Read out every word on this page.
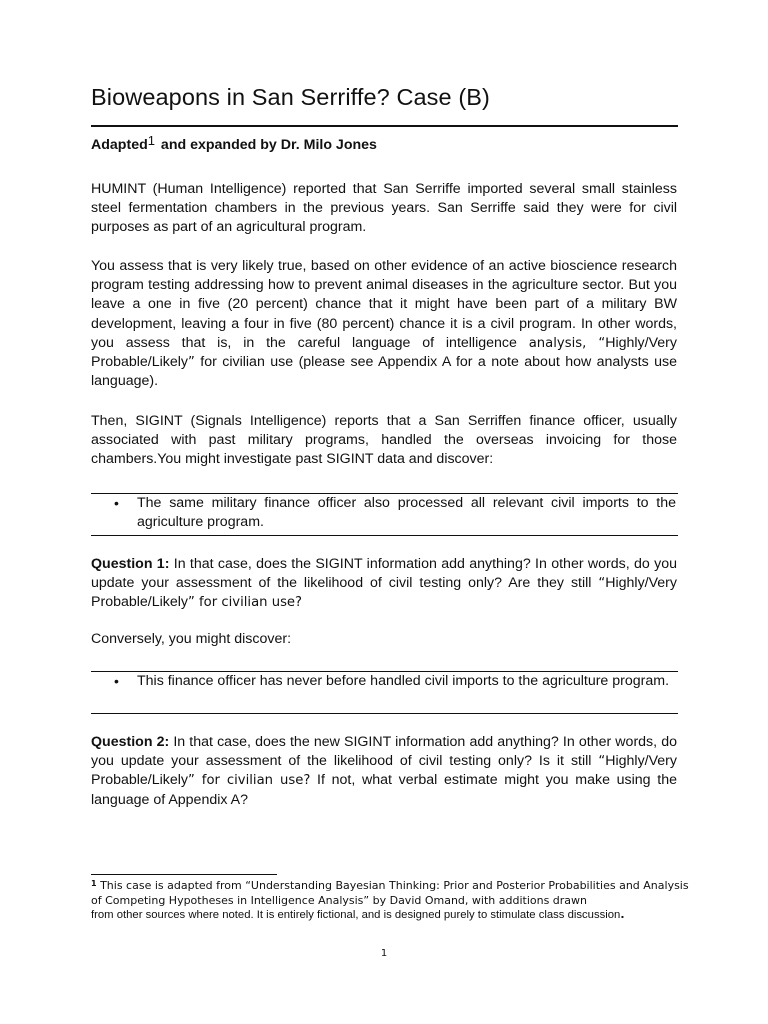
Bioweapons in San Serriffe? Case (B)
Adapted$^1$ and expanded by Dr. Milo Jones

HUMINT (Human Intelligence) reported that San Serriffe imported several small stainless steel fermentation chambers in the previous years. San Serriffe said they were for civil purposes as part of an agricultural program.

You assess that is very likely true, based on other evidence of an active bioscience research program testing addressing how to prevent animal diseases in the agriculture sector. But you leave a one in five (20 percent) chance that it might have been part of a military BW development, leaving a four in five (80 percent) chance it is a civil program. In other words, you assess that is, in the careful language of intelligence analysis, “Highly/Very Probable/Likely” for civilian use (please see Appendix A for a note about how analysts use language).

Then, SIGINT (Signals Intelligence) reports that a San Serriffen finance officer, usually associated with past military programs, handled the overseas invoicing for those chambers.You might investigate past SIGINT data and discover:

• The same military finance officer also processed all relevant civil imports to the agriculture program.

Question 1: In that case, does the SIGINT information add anything? In other words, do you update your assessment of the likelihood of civil testing only? Are they still “Highly/Very Probable/Likely” for civilian use?

Conversely, you might discover:

• This finance officer has never before handled civil imports to the agriculture program.

Question 2: In that case, does the new SIGINT information add anything? In other words, do you update your assessment of the likelihood of civil testing only? Is it still “Highly/Very Probable/Likely” for civilian use? If not, what verbal estimate might you make using the language of Appendix A?

$^1$ This case is adapted from “Understanding Bayesian Thinking: Prior and Posterior Probabilities and Analysis of Competing Hypotheses in Intelligence Analysis” by David Omand, with additions drawn
from other sources where noted. It is entirely fictional, and is designed purely to stimulate class discussion.
1
